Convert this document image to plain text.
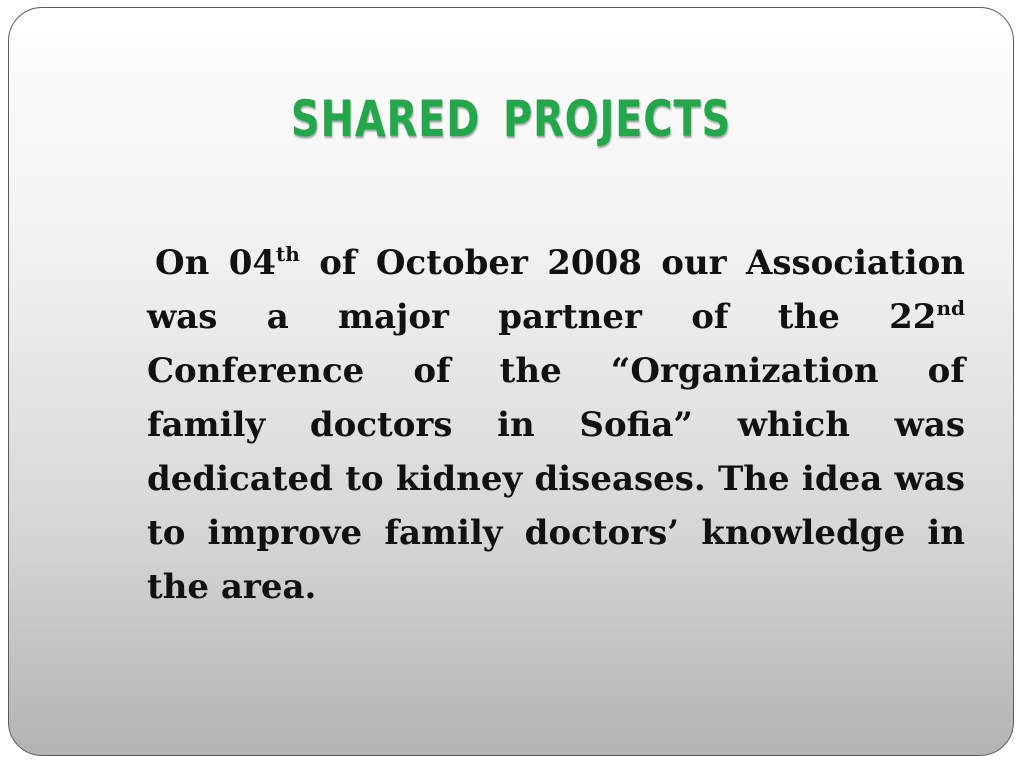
SHARED PROJECTS
On 04th of October 2008 our Association
was a major partner of the 22nd
Conference of the “Organization of
family doctors in Sofia” which was
dedicated to kidney diseases. The idea was
to improve family doctors’ knowledge in
the area.
